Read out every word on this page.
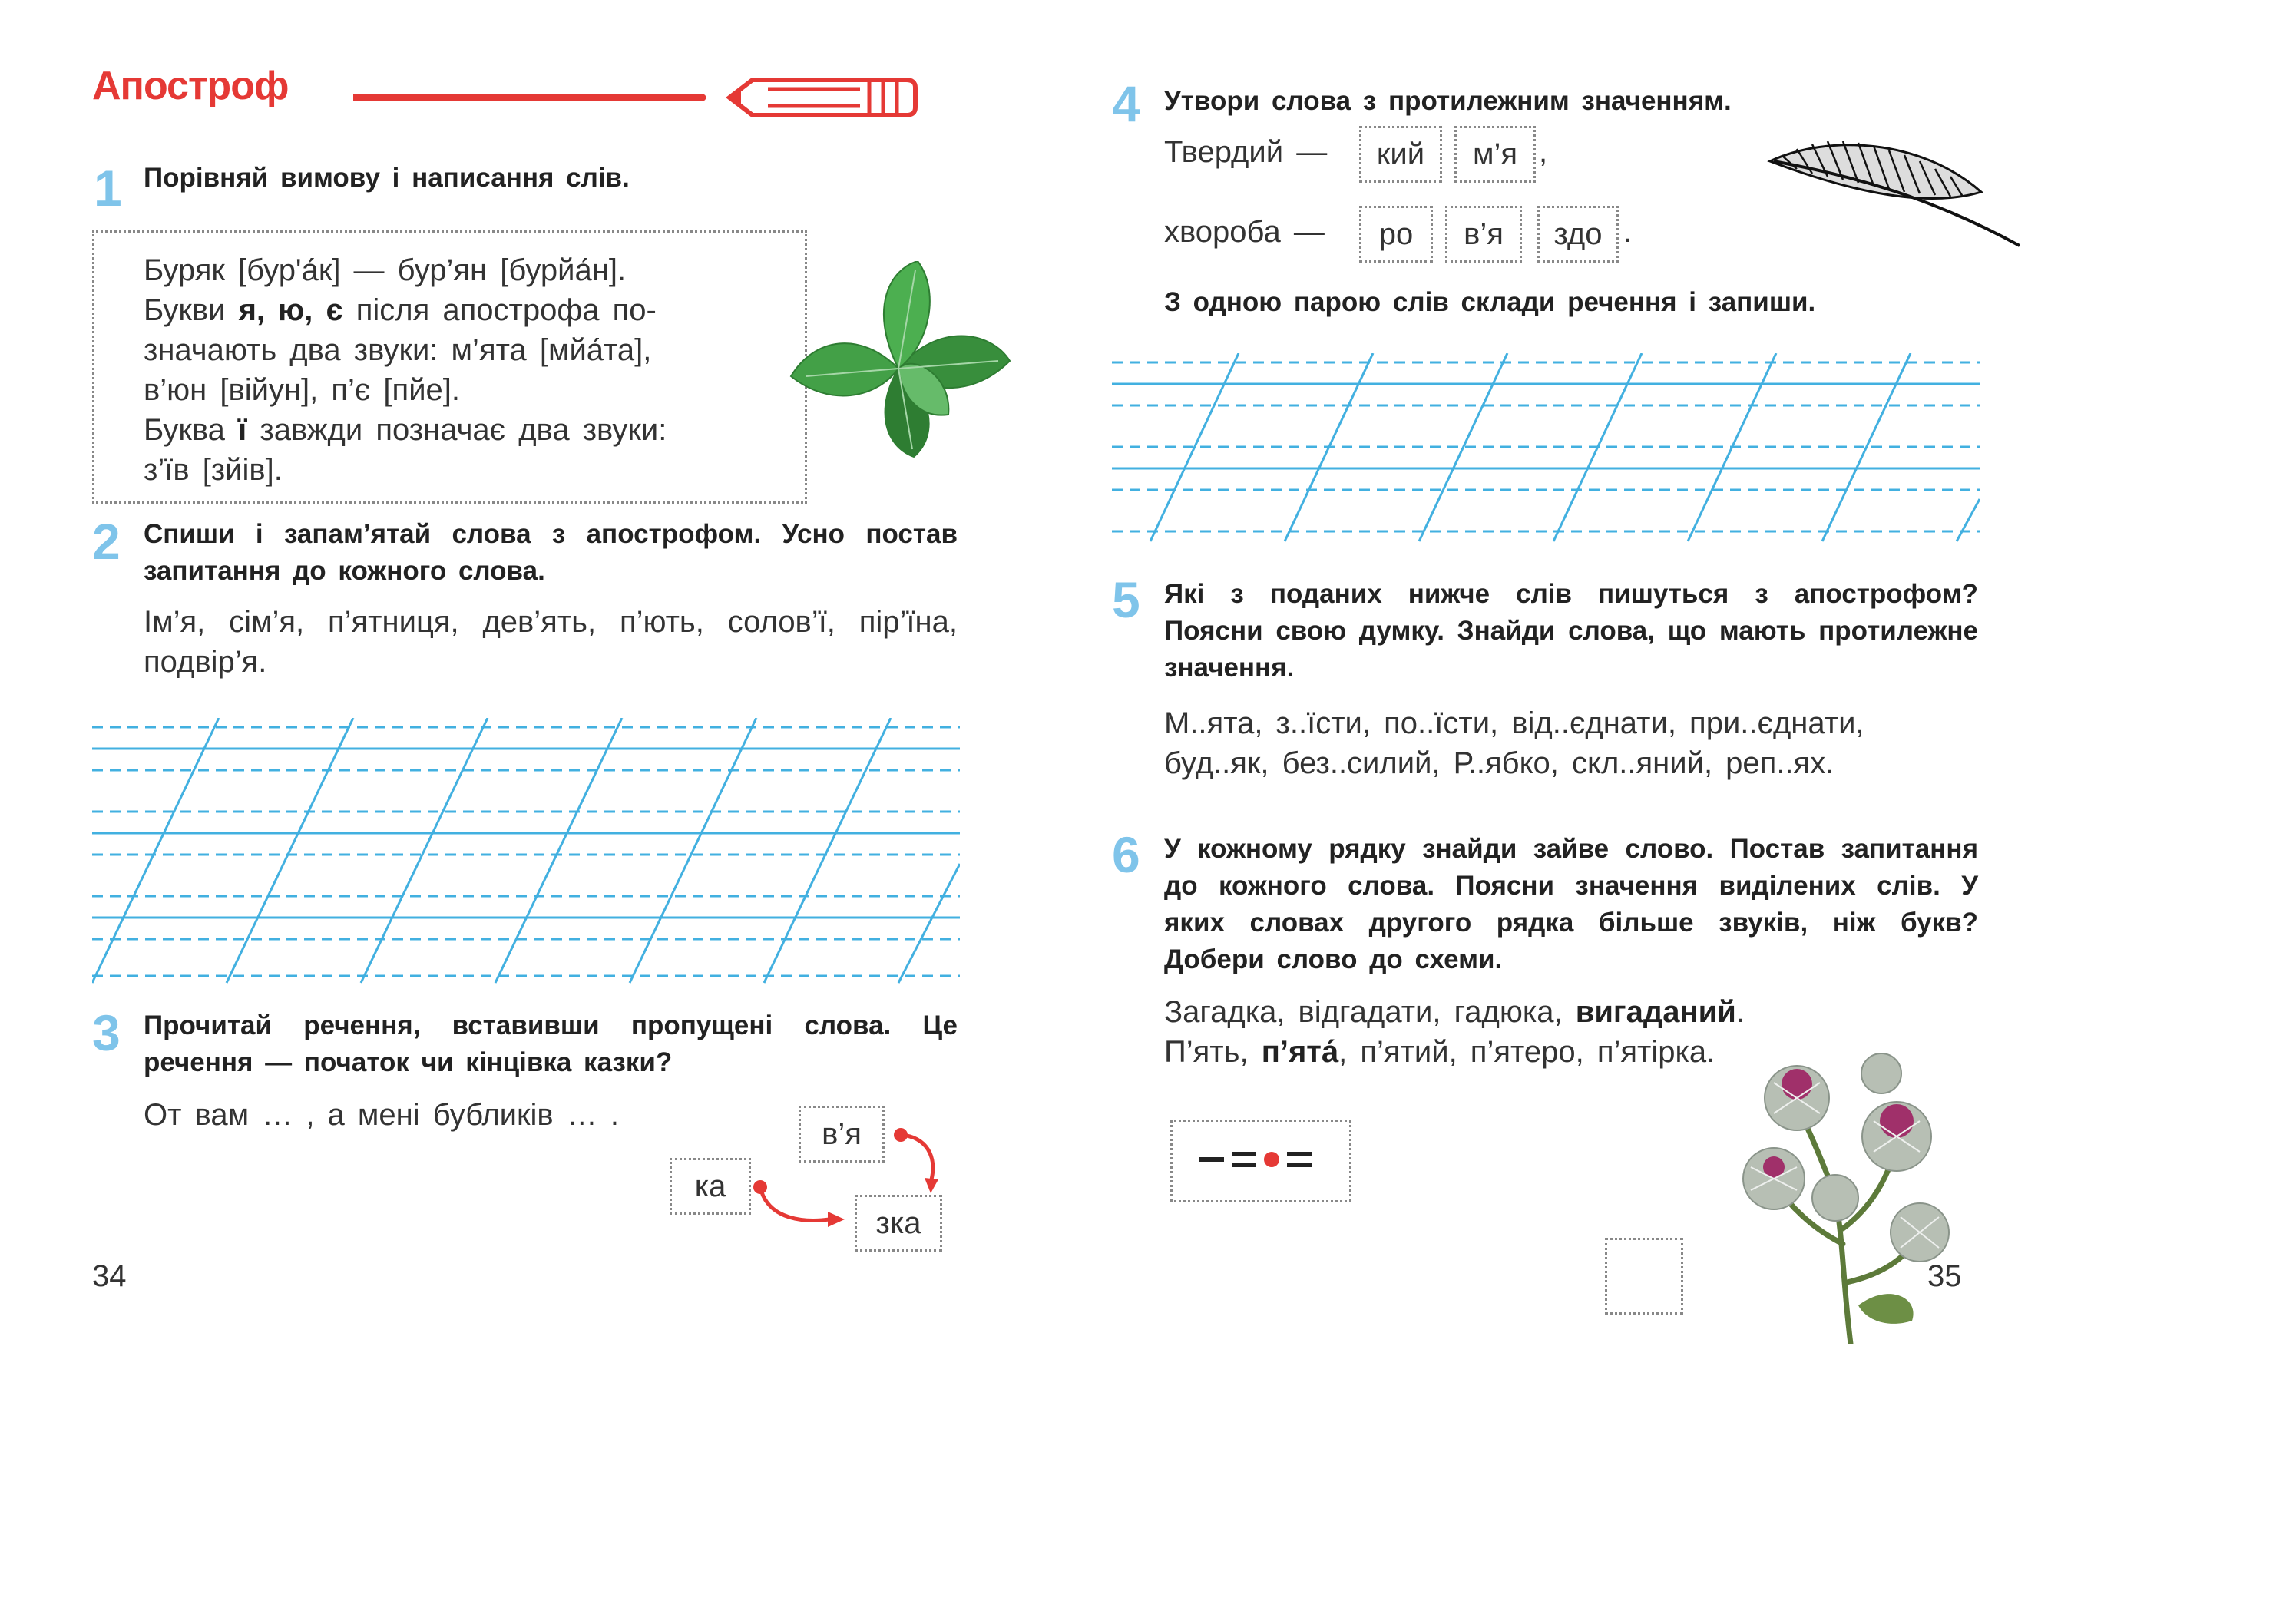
Апостроф
1 Порівняй вимову і написання слів.
Буряк [бур'а́к] — бур’ян [бурйа́н].
Букви я, ю, є після апострофа по-
значають два звуки: м’ята [мйа́та],
в’юн [війун], п’є [пйе].
Буква ї завжди позначає два звуки:
з’їв [зйів].
2 Спиши і запам’ятай слова з апострофом. Усно постав запитання до кожного слова.
Ім’я, сім’я, п’ятниця, дев’ять, п’ють, солов’ї, пір’їна, подвір’я.
3 Прочитай речення, вставивши пропущені слова. Це речення — початок чи кінцівка казки?
От вам … , а мені бубликів … .
в’я
ка
зка
34
4 Утвори слова з протилежним значенням.
Твердий —	кий	м’я ,
хвороба —	ро	в’я	здо .
З одною парою слів склади речення і запиши.
5 Які з поданих нижче слів пишуться з апострофом? Поясни свою думку. Знайди слова, що мають протилежне значення.
М..ята, з..їсти, по..їсти, від..єднати, при..єднати,
буд..як, без..силий, Р..ябко, скл..яний, реп..ях.
6 У кожному рядку знайди зайве слово. Постав запитання до кожного слова. Поясни значення виділених слів. У яких словах другого рядка більше звуків, ніж букв? Добери слово до схеми.
Загадка, відгадати, гадюка, вигаданий.
П’ять, п’ята́, п’ятий, п’ятеро, п’ятірка.
35
